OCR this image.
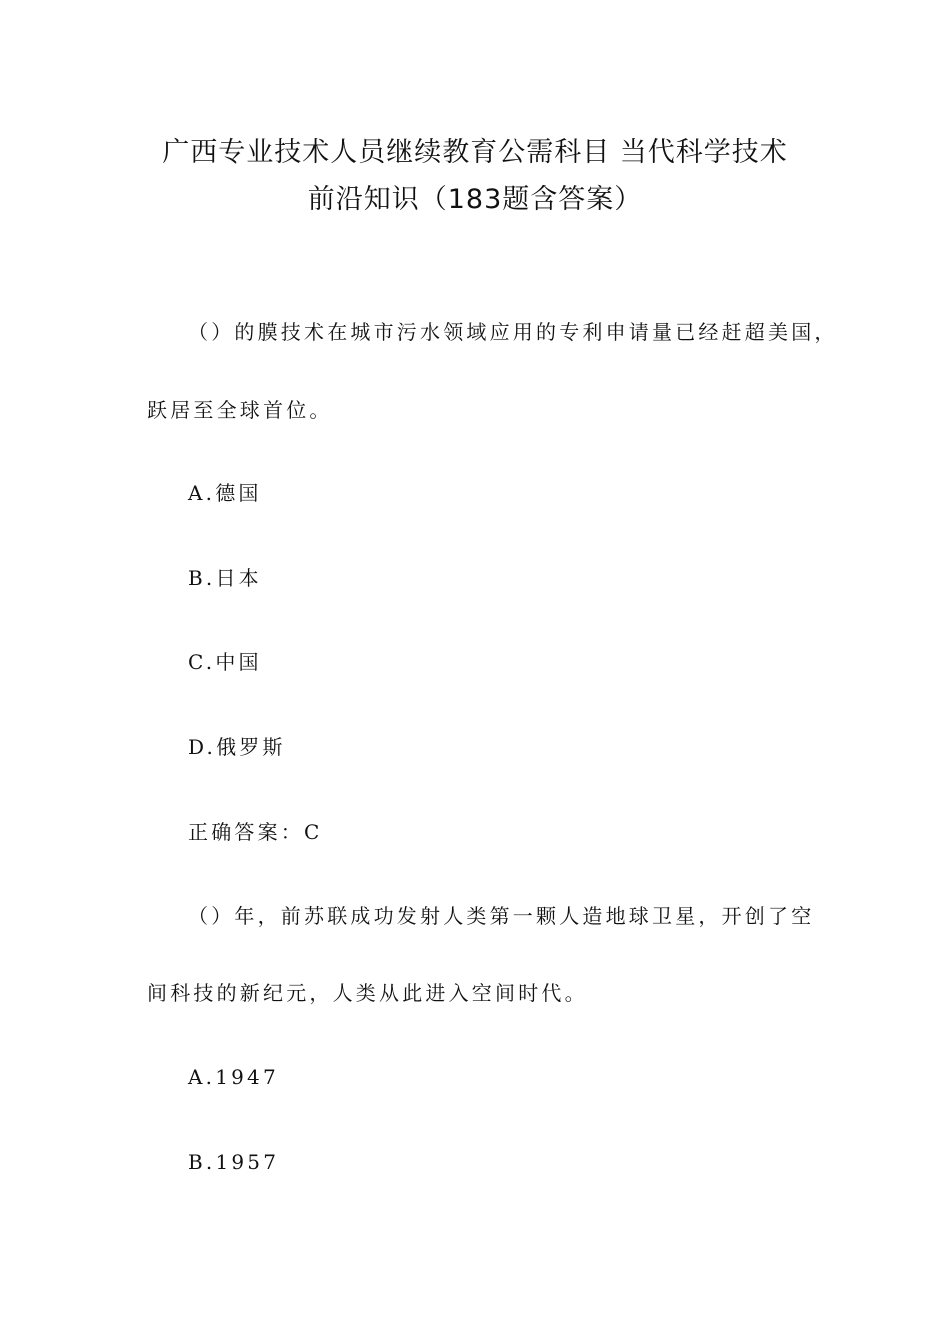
广西专业技术人员继续教育公需科目 当代科学技术
前沿知识（183题含答案）

（）的膜技术在城市污水领域应用的专利申请量已经赶超美国，

跃居至全球首位。

A.德国

B.日本

C.中国

D.俄罗斯

正确答案：C

（）年，前苏联成功发射人类第一颗人造地球卫星，开创了空

间科技的新纪元，人类从此进入空间时代。

A.1947

B.1957
